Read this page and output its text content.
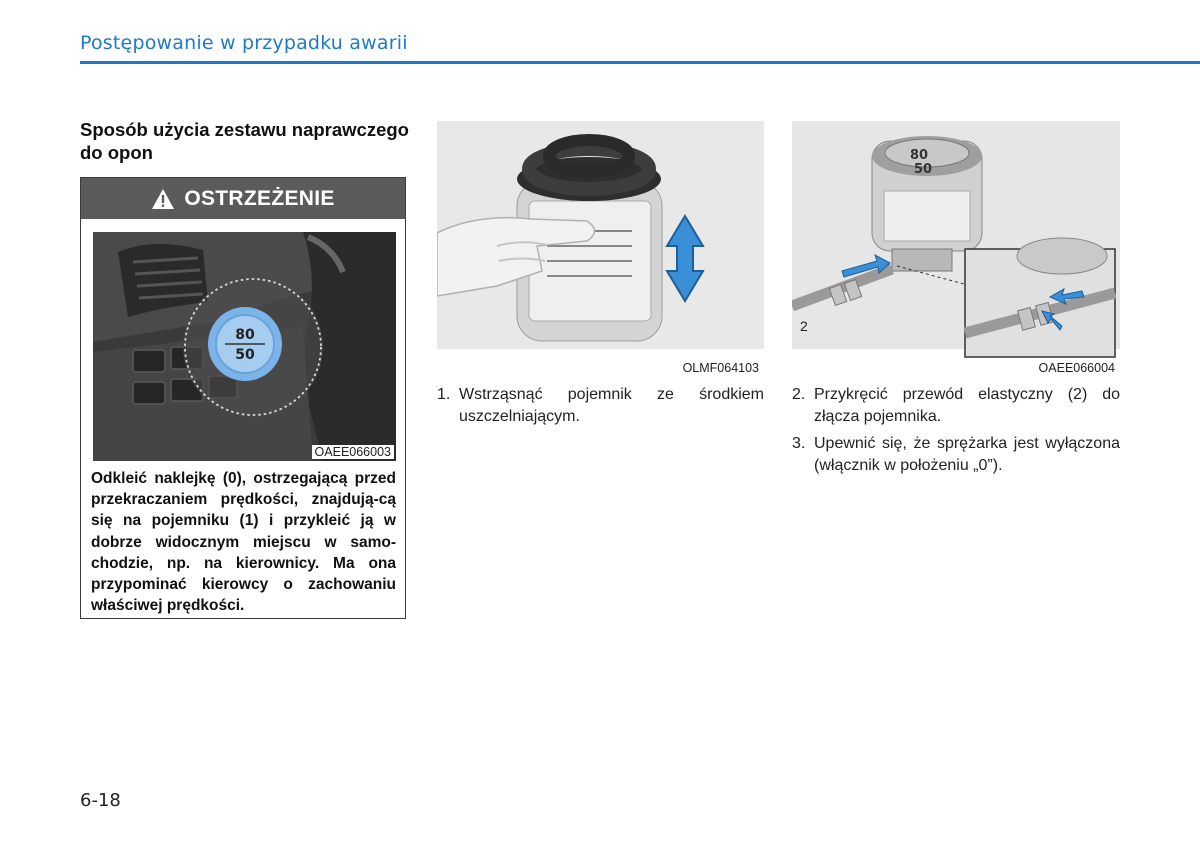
Postępowanie w przypadku awarii
Sposób użycia zestawu naprawczego do opon
OSTRZEŻENIE
80
50
OAEE066003
Odkleić naklejkę (0), ostrzegającą przed przekraczaniem prędkości, znajdują-cą się na pojemniku (1) i przykleić ją w dobrze widocznym miejscu w samo-chodzie, np. na kierownicy. Ma ona przypominać kierowcy o zachowaniu właściwej prędkości.
OLMF064103
80
50
2
OAEE066004
1. Wstrząsnąć pojemnik ze środkiem uszczelniającym.
2. Przykręcić przewód elastyczny (2) do złącza pojemnika.
3. Upewnić się, że sprężarka jest wyłączona (włącznik w położeniu „0”).
6-18
